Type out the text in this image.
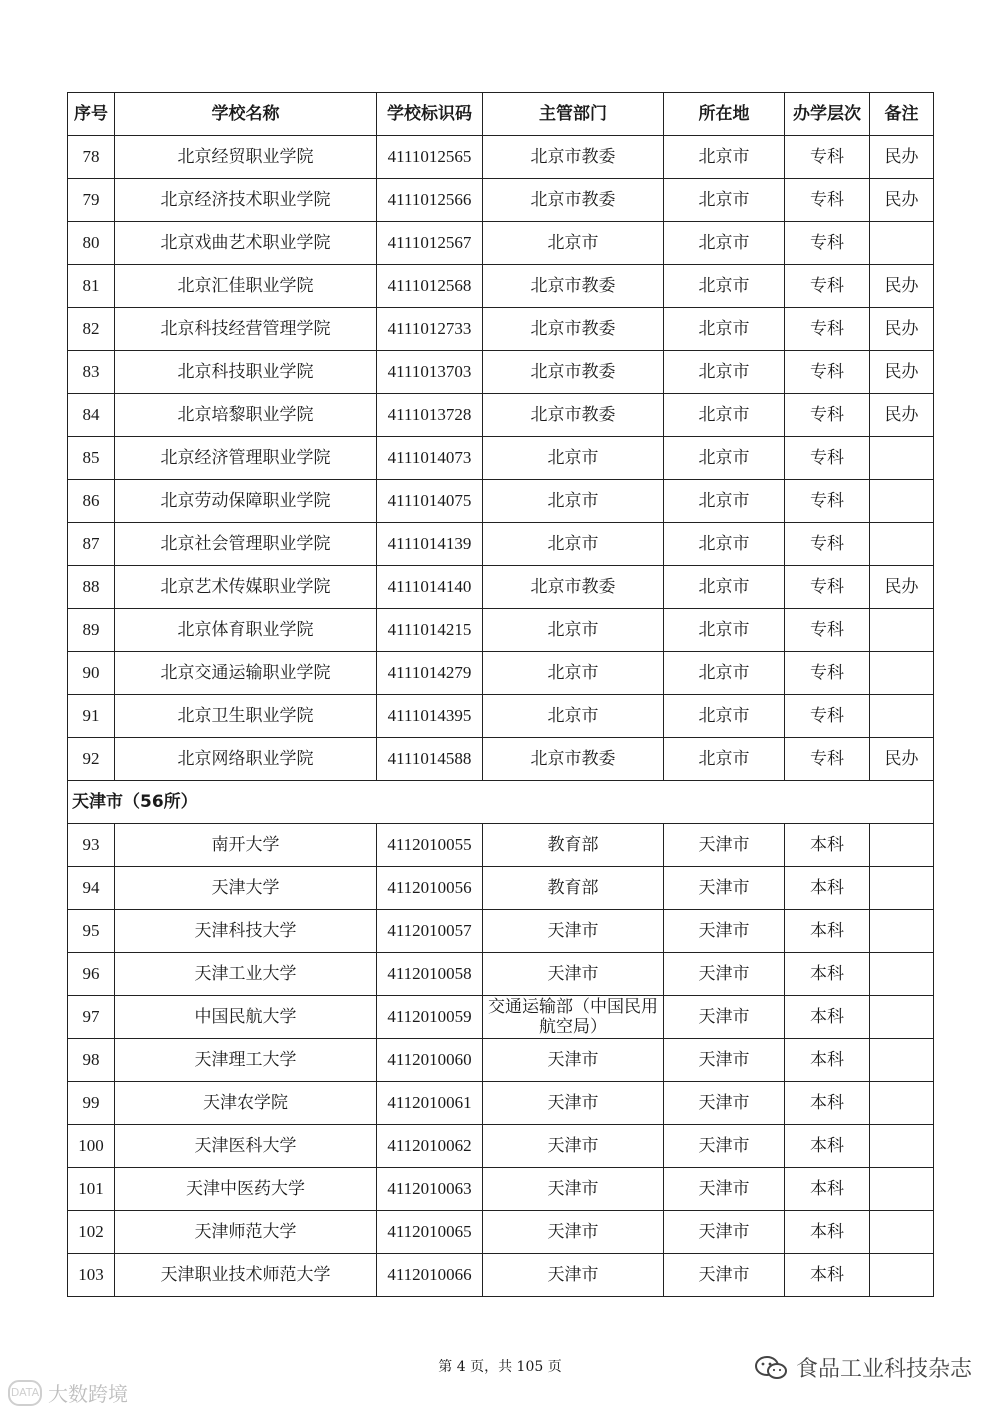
序号	学校名称	学校标识码	主管部门	所在地	办学层次	备注
78	北京经贸职业学院	4111012565	北京市教委	北京市	专科	民办
79	北京经济技术职业学院	4111012566	北京市教委	北京市	专科	民办
80	北京戏曲艺术职业学院	4111012567	北京市	北京市	专科	
81	北京汇佳职业学院	4111012568	北京市教委	北京市	专科	民办
82	北京科技经营管理学院	4111012733	北京市教委	北京市	专科	民办
83	北京科技职业学院	4111013703	北京市教委	北京市	专科	民办
84	北京培黎职业学院	4111013728	北京市教委	北京市	专科	民办
85	北京经济管理职业学院	4111014073	北京市	北京市	专科	
86	北京劳动保障职业学院	4111014075	北京市	北京市	专科	
87	北京社会管理职业学院	4111014139	北京市	北京市	专科	
88	北京艺术传媒职业学院	4111014140	北京市教委	北京市	专科	民办
89	北京体育职业学院	4111014215	北京市	北京市	专科	
90	北京交通运输职业学院	4111014279	北京市	北京市	专科	
91	北京卫生职业学院	4111014395	北京市	北京市	专科	
92	北京网络职业学院	4111014588	北京市教委	北京市	专科	民办
天津市（56所）						
93	南开大学	4112010055	教育部	天津市	本科	
94	天津大学	4112010056	教育部	天津市	本科	
95	天津科技大学	4112010057	天津市	天津市	本科	
96	天津工业大学	4112010058	天津市	天津市	本科	
97	中国民航大学	4112010059	交通运输部（中国民用航空局）	天津市	本科	
98	天津理工大学	4112010060	天津市	天津市	本科	
99	天津农学院	4112010061	天津市	天津市	本科	
100	天津医科大学	4112010062	天津市	天津市	本科	
101	天津中医药大学	4112010063	天津市	天津市	本科	
102	天津师范大学	4112010065	天津市	天津市	本科	
103	天津职业技术师范大学	4112010066	天津市	天津市	本科	
第 4 页，共 105 页	食品工业科技杂志
DATA 大数跨境
